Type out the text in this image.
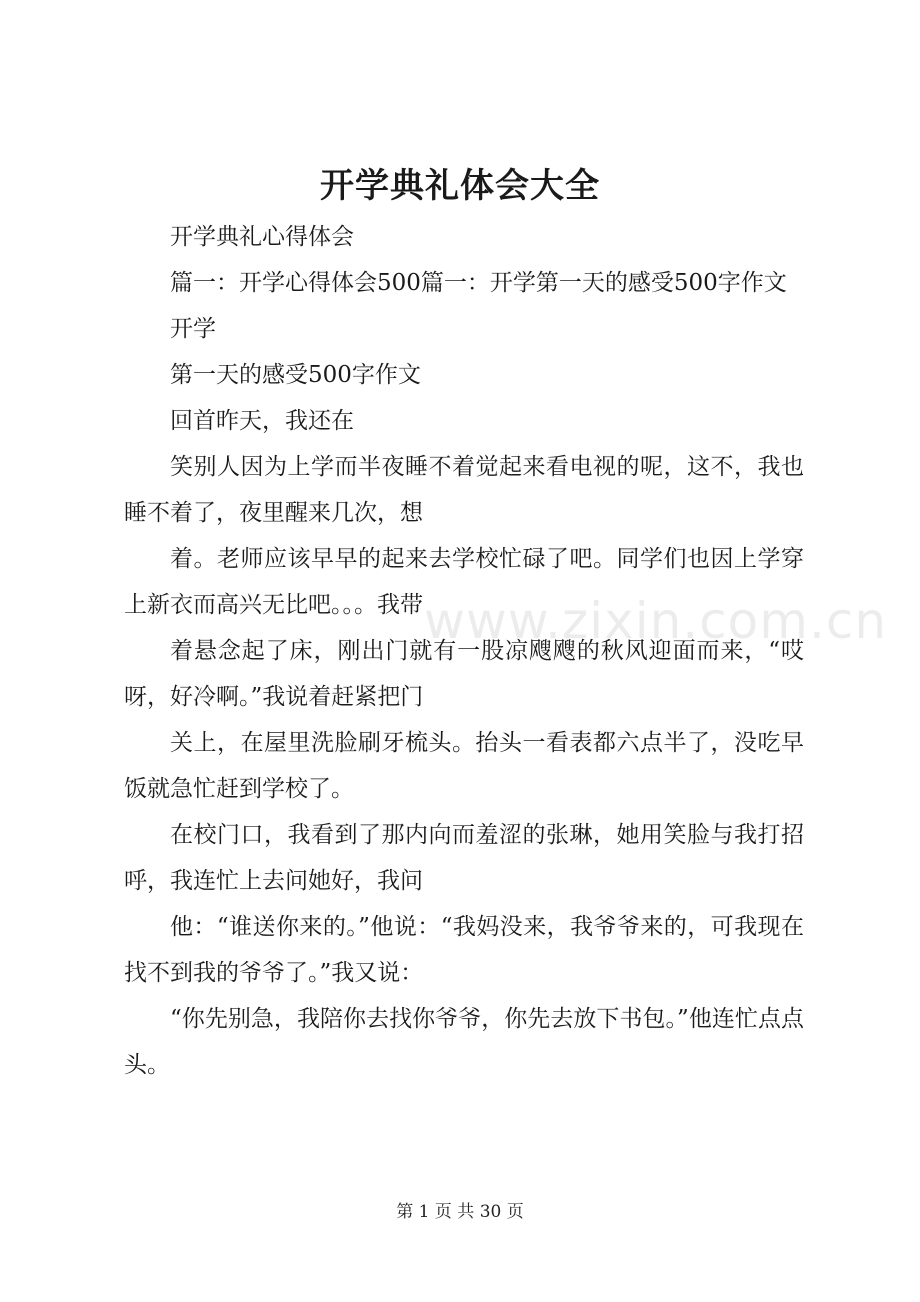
开学典礼体会大全

开学典礼心得体会

篇一：开学心得体会500篇一：开学第一天的感受500字作文

开学

第一天的感受500字作文

回首昨天，我还在

笑别人因为上学而半夜睡不着觉起来看电视的呢，这不，我也睡不着了，夜里醒来几次，想

着。老师应该早早的起来去学校忙碌了吧。同学们也因上学穿上新衣而高兴无比吧。。。我带

着悬念起了床，刚出门就有一股凉飕飕的秋风迎面而来，“哎呀，好冷啊。”我说着赶紧把门

关上，在屋里洗脸刷牙梳头。抬头一看表都六点半了，没吃早饭就急忙赶到学校了。

在校门口，我看到了那内向而羞涩的张琳，她用笑脸与我打招呼，我连忙上去问她好，我问

他：“谁送你来的。”他说：“我妈没来，我爷爷来的，可我现在找不到我的爷爷了。”我又说：

“你先别急，我陪你去找你爷爷，你先去放下书包。”他连忙点点头。

www.zixin.com.cn
第 1 页 共 30 页
